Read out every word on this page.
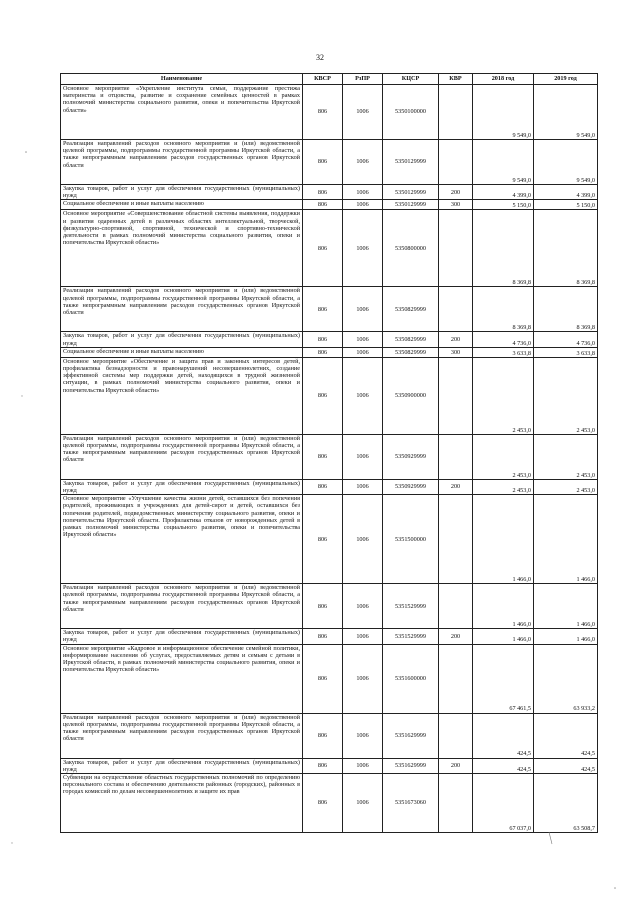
32
Наименование	КВСР	РзПР	КЦСР	КВР	2018 год	2019 год
Основное мероприятие «Укрепление института семьи, поддержание престижа материнства и отцовства, развитие и сохранение семейных ценностей в рамках полномочий министерства социального развития, опеки и попечительства Иркутской области»	806	1006	5350100000		9 549,0	9 549,0
Реализация направлений расходов основного мероприятия и (или) ведомственной целевой программы, подпрограммы государственной программы Иркутской области, а также непрограммным направлениям расходов государственных органов Иркутской области	806	1006	5350129999		9 549,0	9 549,0
Закупка товаров, работ и услуг для обеспечения государственных (муниципальных) нужд	806	1006	5350129999	200	4 399,0	4 399,0
Социальное обеспечение и иные выплаты населению	806	1006	5350129999	300	5 150,0	5 150,0
Основное мероприятие «Совершенствование областной системы выявления, поддержки и развития одаренных детей в различных областях интеллектуальной, творческой, физкультурно-спортивной, спортивной, технической и спортивно-технической деятельности в рамках полномочий министерства социального развития, опеки и попечительства Иркутской области»	806	1006	5350800000		8 369,8	8 369,8
Реализация направлений расходов основного мероприятия и (или) ведомственной целевой программы, подпрограммы государственной программы Иркутской области, а также непрограммным направлениям расходов государственных органов Иркутской области	806	1006	5350829999		8 369,8	8 369,8
Закупка товаров, работ и услуг для обеспечения государственных (муниципальных) нужд	806	1006	5350829999	200	4 736,0	4 736,0
Социальное обеспечение и иные выплаты населению	806	1006	5350829999	300	3 633,8	3 633,8
Основное мероприятие «Обеспечение и защита прав и законных интересов детей, профилактика безнадзорности и правонарушений несовершеннолетних, создание эффективной системы мер поддержки детей, находящихся в трудной жизненной ситуации, в рамках полномочий министерства социального развития, опеки и попечительства Иркутской области»	806	1006	5350900000		2 453,0	2 453,0
Реализация направлений расходов основного мероприятия и (или) ведомственной целевой программы, подпрограммы государственной программы Иркутской области, а также непрограммным направлениям расходов государственных органов Иркутской области	806	1006	5350929999		2 453,0	2 453,0
Закупка товаров, работ и услуг для обеспечения государственных (муниципальных) нужд	806	1006	5350929999	200	2 453,0	2 453,0
Основное мероприятие «Улучшение качества жизни детей, оставшихся без попечения родителей, проживающих в учреждениях для детей-сирот и детей, оставшихся без попечения родителей, подведомственных министерству социального развития, опеки и попечительства Иркутской области. Профилактика отказов от новорожденных детей в рамках полномочий министерства социального развития, опеки и попечительства Иркутской области»	806	1006	5351500000		1 466,0	1 466,0
Реализация направлений расходов основного мероприятия и (или) ведомственной целевой программы, подпрограммы государственной программы Иркутской области, а также непрограммным направлениям расходов государственных органов Иркутской области	806	1006	5351529999		1 466,0	1 466,0
Закупка товаров, работ и услуг для обеспечения государственных (муниципальных) нужд	806	1006	5351529999	200	1 466,0	1 466,0
Основное мероприятие «Кадровое и информационное обеспечение семейной политики, информирование населения об услугах, предоставляемых детям и семьям с детьми в Иркутской области, в рамках полномочий министерства социального развития, опеки и попечительства Иркутской области»	806	1006	5351600000		67 461,5	63 933,2
Реализация направлений расходов основного мероприятия и (или) ведомственной целевой программы, подпрограммы государственной программы Иркутской области, а также непрограммным направлениям расходов государственных органов Иркутской области	806	1006	5351629999		424,5	424,5
Закупка товаров, работ и услуг для обеспечения государственных (муниципальных) нужд	806	1006	5351629999	200	424,5	424,5
Субвенции на осуществление областных государственных полномочий по определению персонального состава и обеспечению деятельности районных (городских), районных в городах комиссий по делам несовершеннолетних и защите их прав	806	1006	5351673060		67 037,0	63 508,7
